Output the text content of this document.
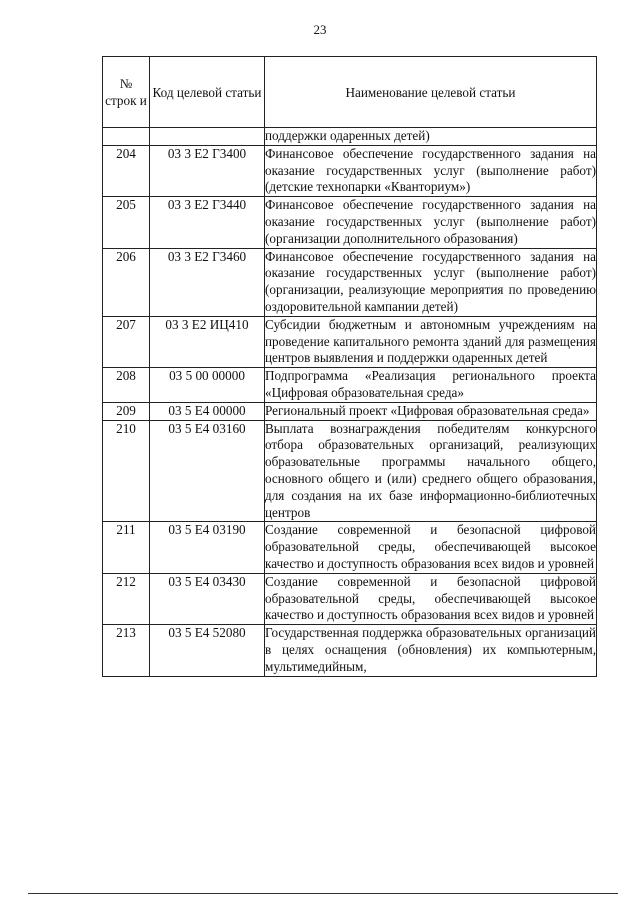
23
№ строк и	Код целевой статьи	Наименование целевой статьи
		поддержки одаренных детей)
204	03 3 Е2 Г3400	Финансовое обеспечение государственного задания на оказание государственных услуг (выполнение работ) (детские технопарки «Кванториум»)
205	03 3 Е2 Г3440	Финансовое обеспечение государственного задания на оказание государственных услуг (выполнение работ) (организации дополнительного образования)
206	03 3 Е2 Г3460	Финансовое обеспечение государственного задания на оказание государственных услуг (выполнение работ) (организации, реализующие мероприятия по проведению оздоровительной кампании детей)
207	03 3 Е2 ИЦ410	Субсидии бюджетным и автономным учреждениям на проведение капитального ремонта зданий для размещения центров выявления и поддержки одаренных детей
208	03 5 00 00000	Подпрограмма «Реализация регионального проекта «Цифровая образовательная среда»
209	03 5 Е4 00000	Региональный проект «Цифровая образовательная среда»
210	03 5 Е4 03160	Выплата вознаграждения победителям конкурсного отбора образовательных организаций, реализующих образовательные программы начального общего, основного общего и (или) среднего общего образования, для создания на их базе информационно-библиотечных центров
211	03 5 Е4 03190	Создание современной и безопасной цифровой образовательной среды, обеспечивающей высокое качество и доступность образования всех видов и уровней
212	03 5 Е4 03430	Создание современной и безопасной цифровой образовательной среды, обеспечивающей высокое качество и доступность образования всех видов и уровней
213	03 5 Е4 52080	Государственная поддержка образовательных организаций в целях оснащения (обновления) их компьютерным, мультимедийным,
